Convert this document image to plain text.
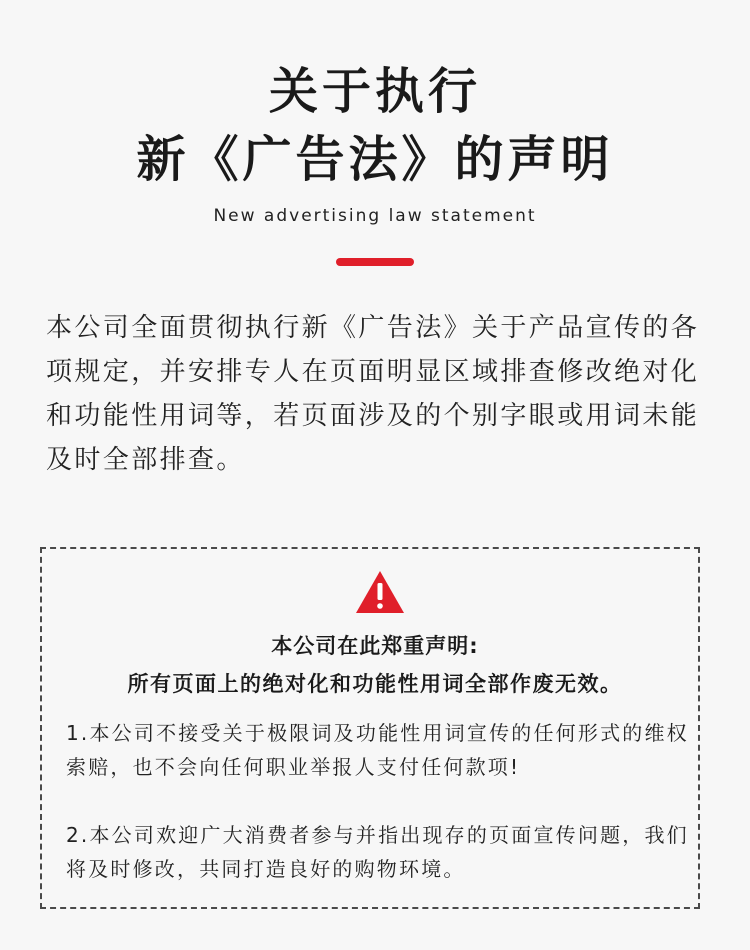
关于执行
新《广告法》的声明
New advertising law statement
本公司全面贯彻执行新《广告法》关于产品宣传的各项规定，并安排专人在页面明显区域排查修改绝对化和功能性用词等，若页面涉及的个别字眼或用词未能及时全部排查。
本公司在此郑重声明:
所有页面上的绝对化和功能性用词全部作废无效。
1.本公司不接受关于极限词及功能性用词宣传的任何形式的维权索赔，也不会向任何职业举报人支付任何款项!
2.本公司欢迎广大消费者参与并指出现存的页面宣传问题，我们将及时修改，共同打造良好的购物环境。
